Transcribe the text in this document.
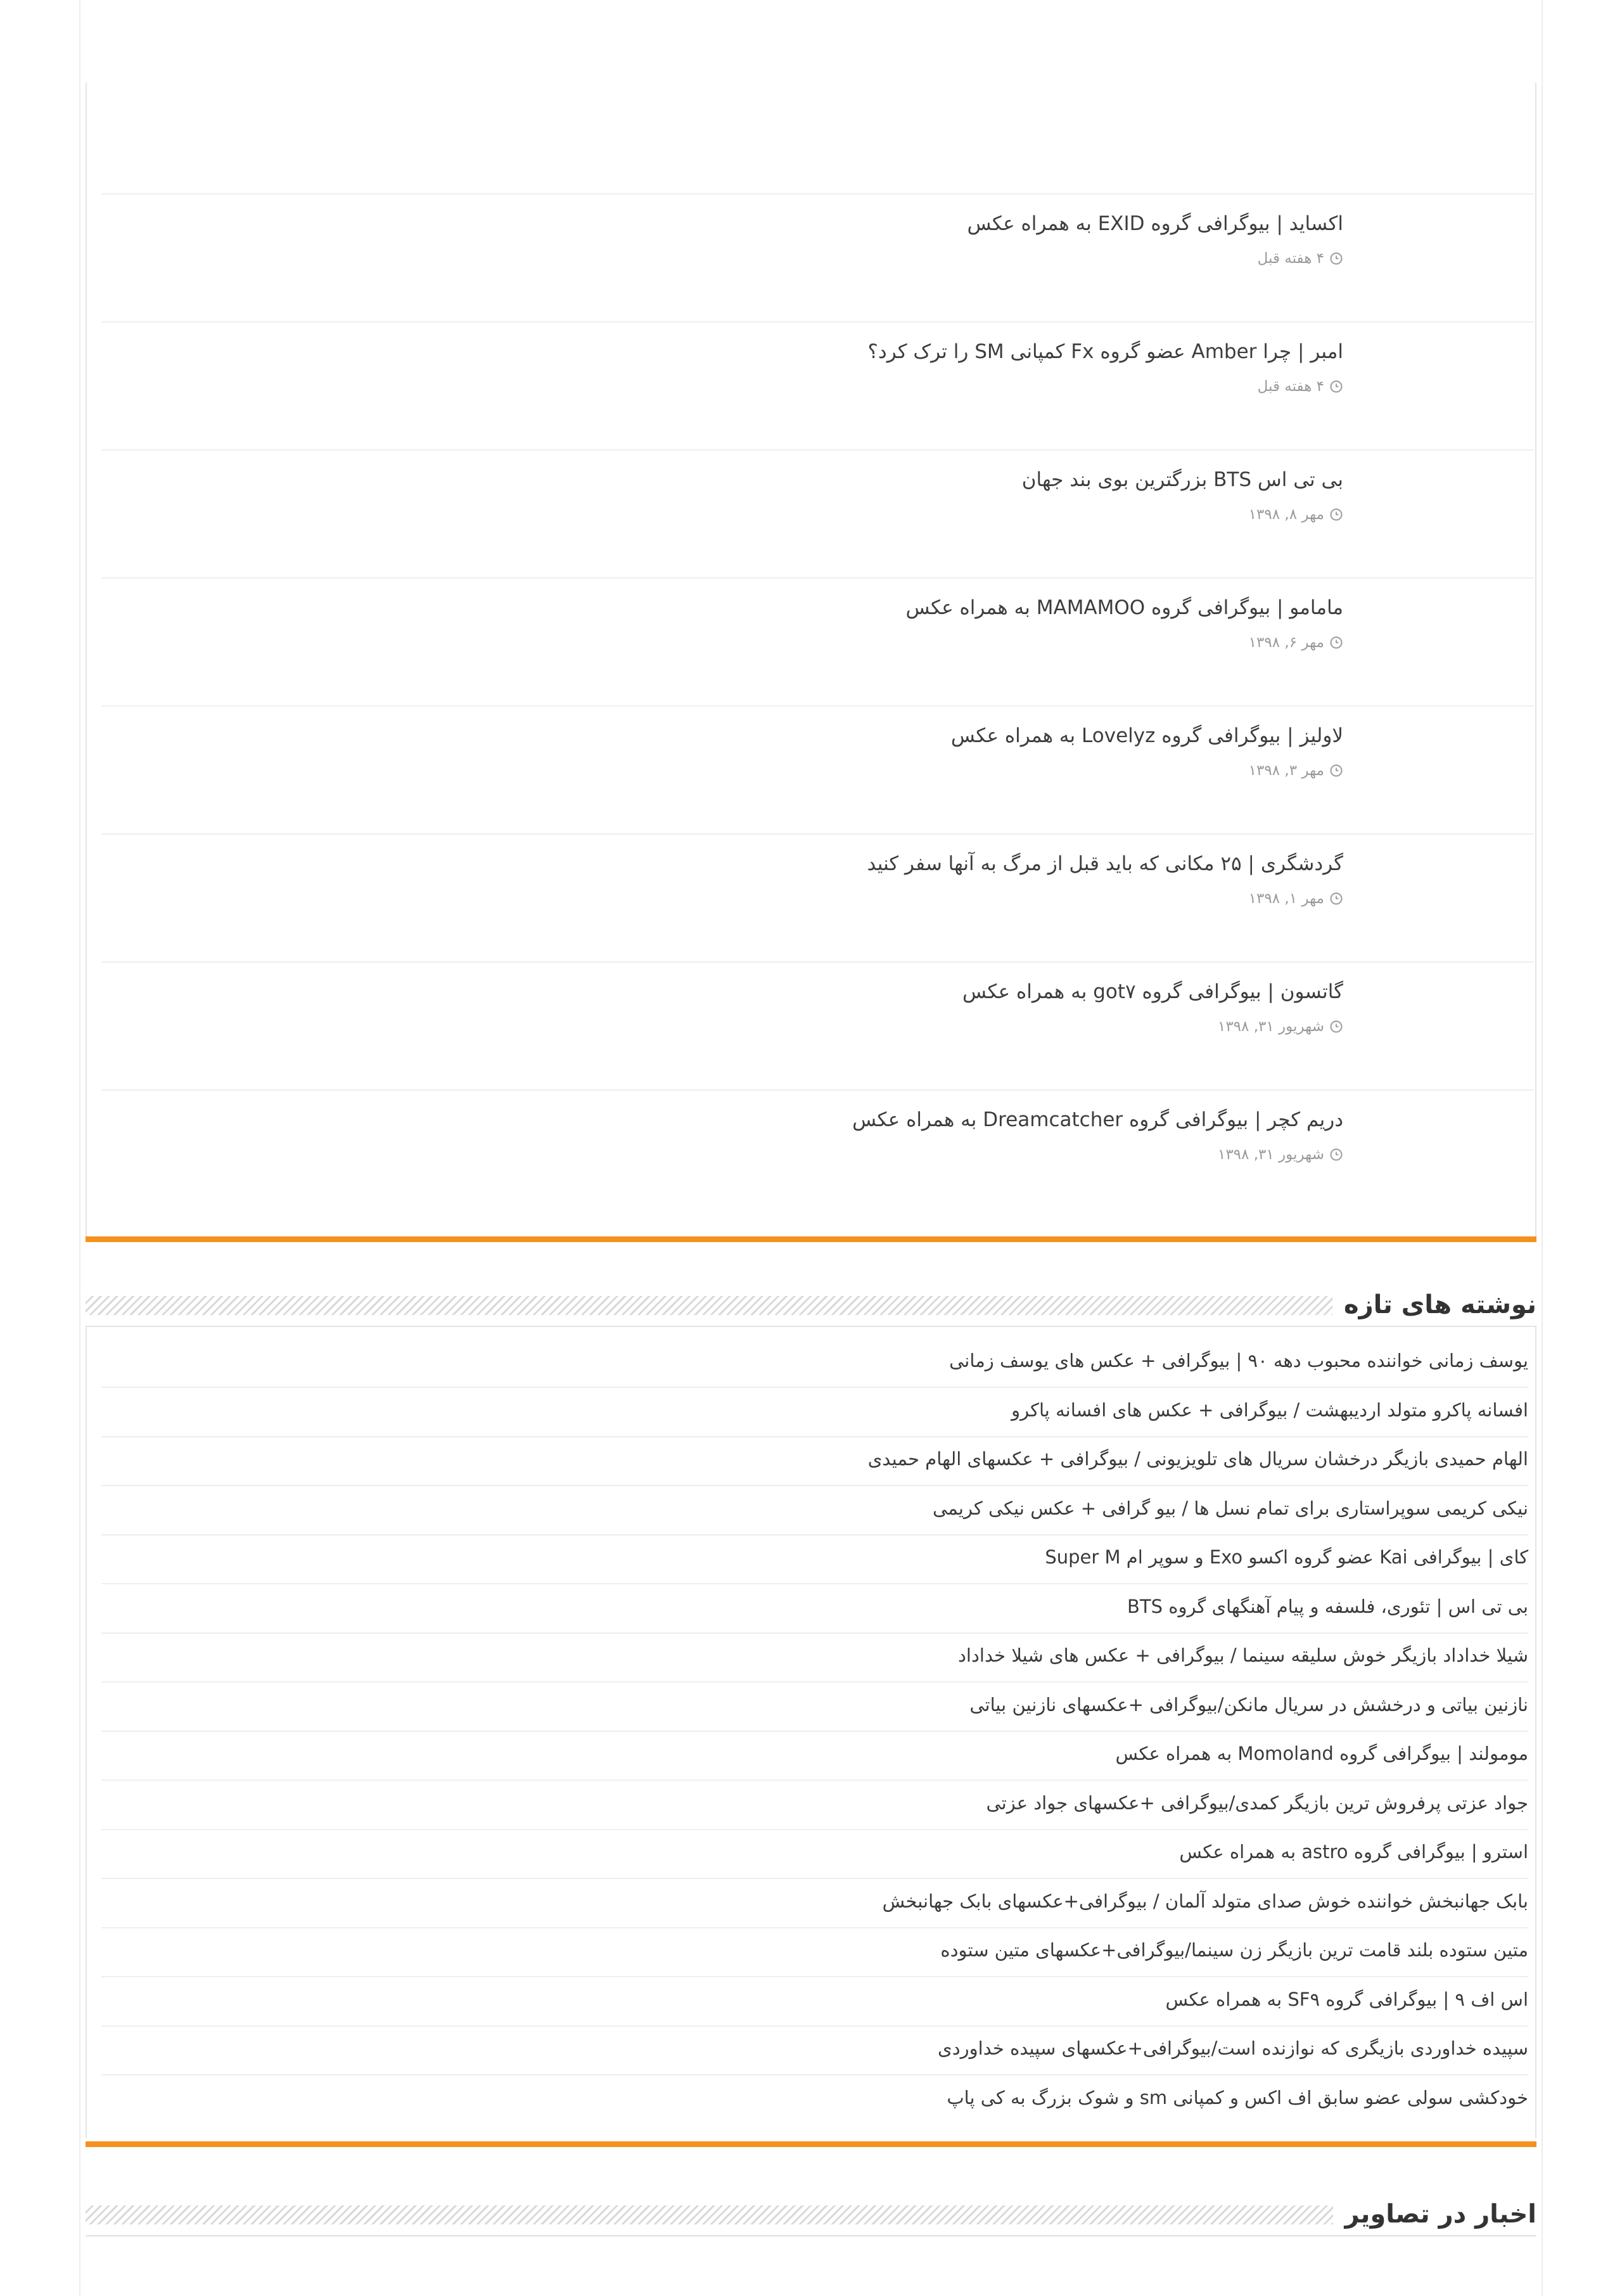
اکساید | بیوگرافی گروه EXID به همراه عکس
۴ هفته قبل
امبر | چرا Amber عضو گروه Fx کمپانی SM را ترک کرد؟
۴ هفته قبل
بی تی اس BTS بزرگترین بوی بند جهان
مهر ۸, ۱۳۹۸
مامامو | بیوگرافی گروه MAMAMOO به همراه عکس
مهر ۶, ۱۳۹۸
لاولیز | بیوگرافی گروه Lovelyz به همراه عکس
مهر ۳, ۱۳۹۸
گردشگری | ۲۵ مکانی که باید قبل از مرگ به آنها سفر کنید
مهر ۱, ۱۳۹۸
گاتسون | بیوگرافی گروه got۷ به همراه عکس
شهریور ۳۱, ۱۳۹۸
دریم کچر | بیوگرافی گروه Dreamcatcher به همراه عکس
شهریور ۳۱, ۱۳۹۸
نوشته های تازه
یوسف زمانی خواننده محبوب دهه ۹۰ | بیوگرافی + عکس های یوسف زمانی
افسانه پاکرو متولد اردیبهشت / بیوگرافی + عکس های افسانه پاکرو
الهام حمیدی بازیگر درخشان سریال های تلویزیونی / بیوگرافی + عکسهای الهام حمیدی
نیکی کریمی سوپراستاری برای تمام نسل ها / بیو گرافی + عکس نیکی کریمی
کای | بیوگرافی Kai عضو گروه اکسو Exo و سوپر ام Super M
بی تی اس | تئوری، فلسفه و پیام آهنگهای گروه BTS
شیلا خداداد بازیگر خوش سلیقه سینما / بیوگرافی + عکس های شیلا خداداد
نازنین بیاتی و درخشش در سریال مانکن/بیوگرافی +عکسهای نازنین بیاتی
مومولند | بیوگرافی گروه Momoland به همراه عکس
جواد عزتی پرفروش ترین بازیگر کمدی/بیوگرافی +عکسهای جواد عزتی
استرو | بیوگرافی گروه astro به همراه عکس
بابک جهانبخش خواننده خوش صدای متولد آلمان / بیوگرافی+عکسهای بابک جهانبخش
متین ستوده بلند قامت ترین بازیگر زن سینما/بیوگرافی+عکسهای متین ستوده
اس اف ۹ | بیوگرافی گروه SF۹ به همراه عکس
سپیده خداوردی بازیگری که نوازنده است/بیوگرافی+عکسهای سپیده خداوردی
خودکشی سولی عضو سابق اف اکس و کمپانی sm و شوک بزرگ به کی پاپ
اخبار در تصاویر
